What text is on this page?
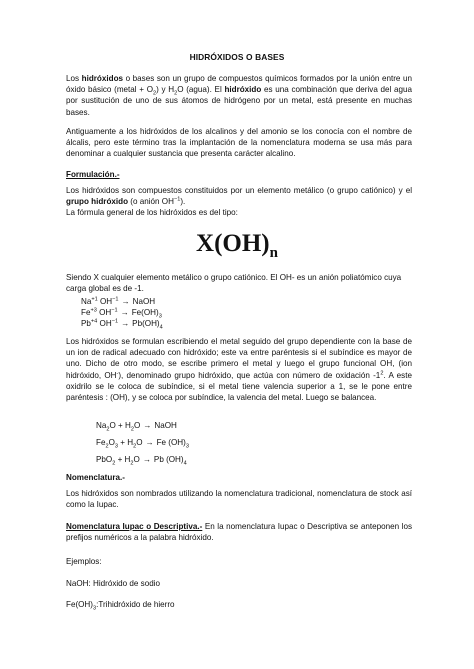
HIDRÓXIDOS O BASES
Los hidróxidos o bases son un grupo de compuestos químicos formados por la unión entre un óxido básico (metal + $O_2$) y $H_2O$ (agua). El hidróxido es una combinación que deriva del agua por sustitución de uno de sus átomos de hidrógeno por un metal, está presente en muchas bases.
Antiguamente a los hidróxidos de los alcalinos y del amonio se los conocía con el nombre de álcalis, pero este término tras la implantación de la nomenclatura moderna se usa más para denominar a cualquier sustancia que presenta carácter alcalino.
Formulación.-
Los hidróxidos son compuestos constituidos por un elemento metálico (o grupo catiónico) y el grupo hidróxido (o anión $OH^{-1}$).
La fórmula general de los hidróxidos es del tipo:
$X(OH)_n$
Siendo X cualquier elemento metálico o grupo catiónico. El OH- es un anión poliatómico cuya carga global es de -1.
$Na^{+1}$ $OH^{-1}$ → NaOH
$Fe^{+3}$ $OH^{-1} \to Fe(OH)_3$
$Pb^{+4}$ $OH^{-1} \to Pb(OH)_4$
Los hidróxidos se formulan escribiendo el metal seguido del grupo dependiente con la base de un ion de radical adecuado con hidróxido; este va entre paréntesis si el subíndice es mayor de uno. Dicho de otro modo, se escribe primero el metal y luego el grupo funcional OH, (ion hidróxido, OH-), denominado grupo hidróxido, que actúa con número de oxidación $-1^2$. A este oxidrilo se le coloca de subíndice, si el metal tiene valencia superior a 1, se le pone entre paréntesis : (OH), y se coloca por subíndice, la valencia del metal. Luego se balancea.
$Na_2O + H_2O$ → NaOH
$Fe_2O_3 + H_2O \to Fe$ $(OH)_3$
$PbO_2 + H_2O \to Pb$ $(OH)_4$
Nomenclatura.-
Los hidróxidos son nombrados utilizando la nomenclatura tradicional, nomenclatura de stock así como la Iupac.
Nomenclatura Iupac o Descriptiva.- En la nomenclatura Iupac o Descriptiva se anteponen los prefijos numéricos a la palabra hidróxido.
Ejemplos:
NaOH: Hidróxido de sodio
$Fe(OH)_3:Trihidróxido$ de hierro
